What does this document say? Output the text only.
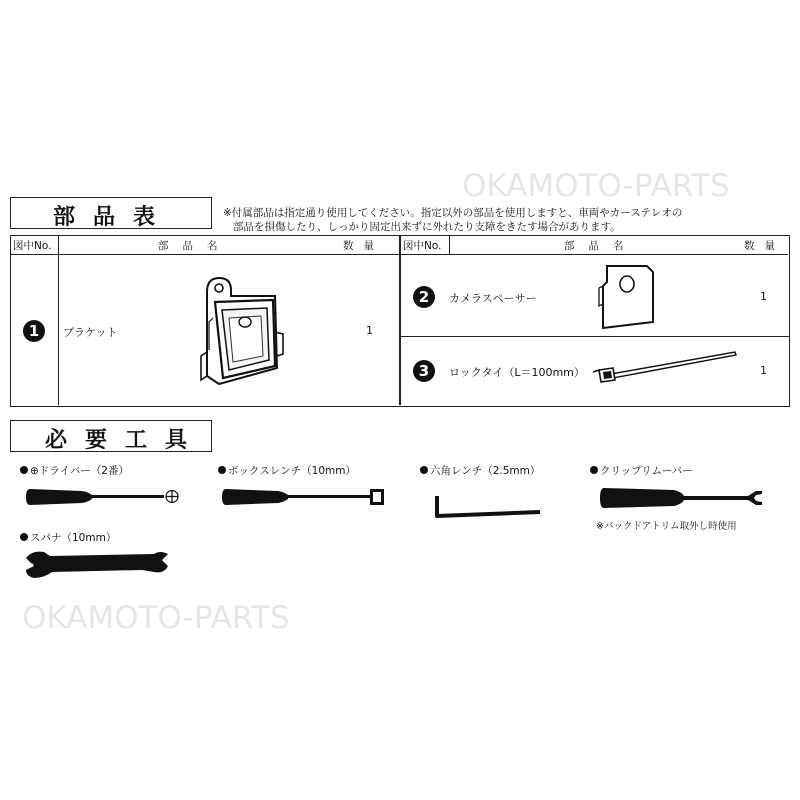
OKAMOTO-PARTS
OKAMOTO-PARTS
部品表	※付属部品は指定通り使用してください。指定以外の部品を使用しますと、車両やカーステレオの
部品を損傷したり、しっかり固定出来ずに外れたり支障をきたす場合があります。
図中No.	部品名	数量 図中No.	部品名	数量
1	ブラケット	1
2	カメラスペーサー	1
3	ロックタイ（L＝100mm）	1
必要工具
⊕ドライバー（2番）	ボックスレンチ（10mm）	六角レンチ（2.5mm）	クリップリムーバー
※バックドアトリム取外し時使用
スパナ（10mm）
